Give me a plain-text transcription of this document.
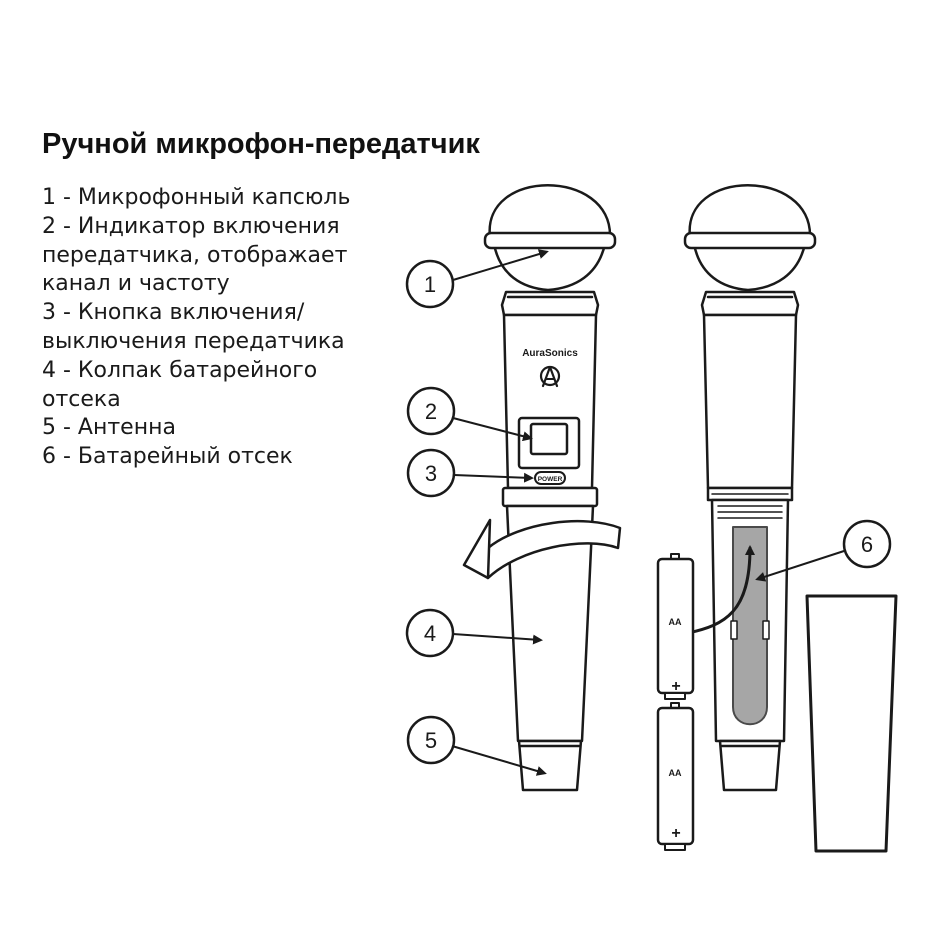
Ручной микрофон-передатчик
1 - Микрофонный капсюль
2 - Индикатор включения передатчика, отображает канал и частоту
3 - Кнопка включения/ выключения передатчика
4 - Колпак батарейного отсека
5 - Антенна
6 - Батарейный отсек
POWER
AuraSonics
AA
+
AA
+
1
2
3
4
5
6
